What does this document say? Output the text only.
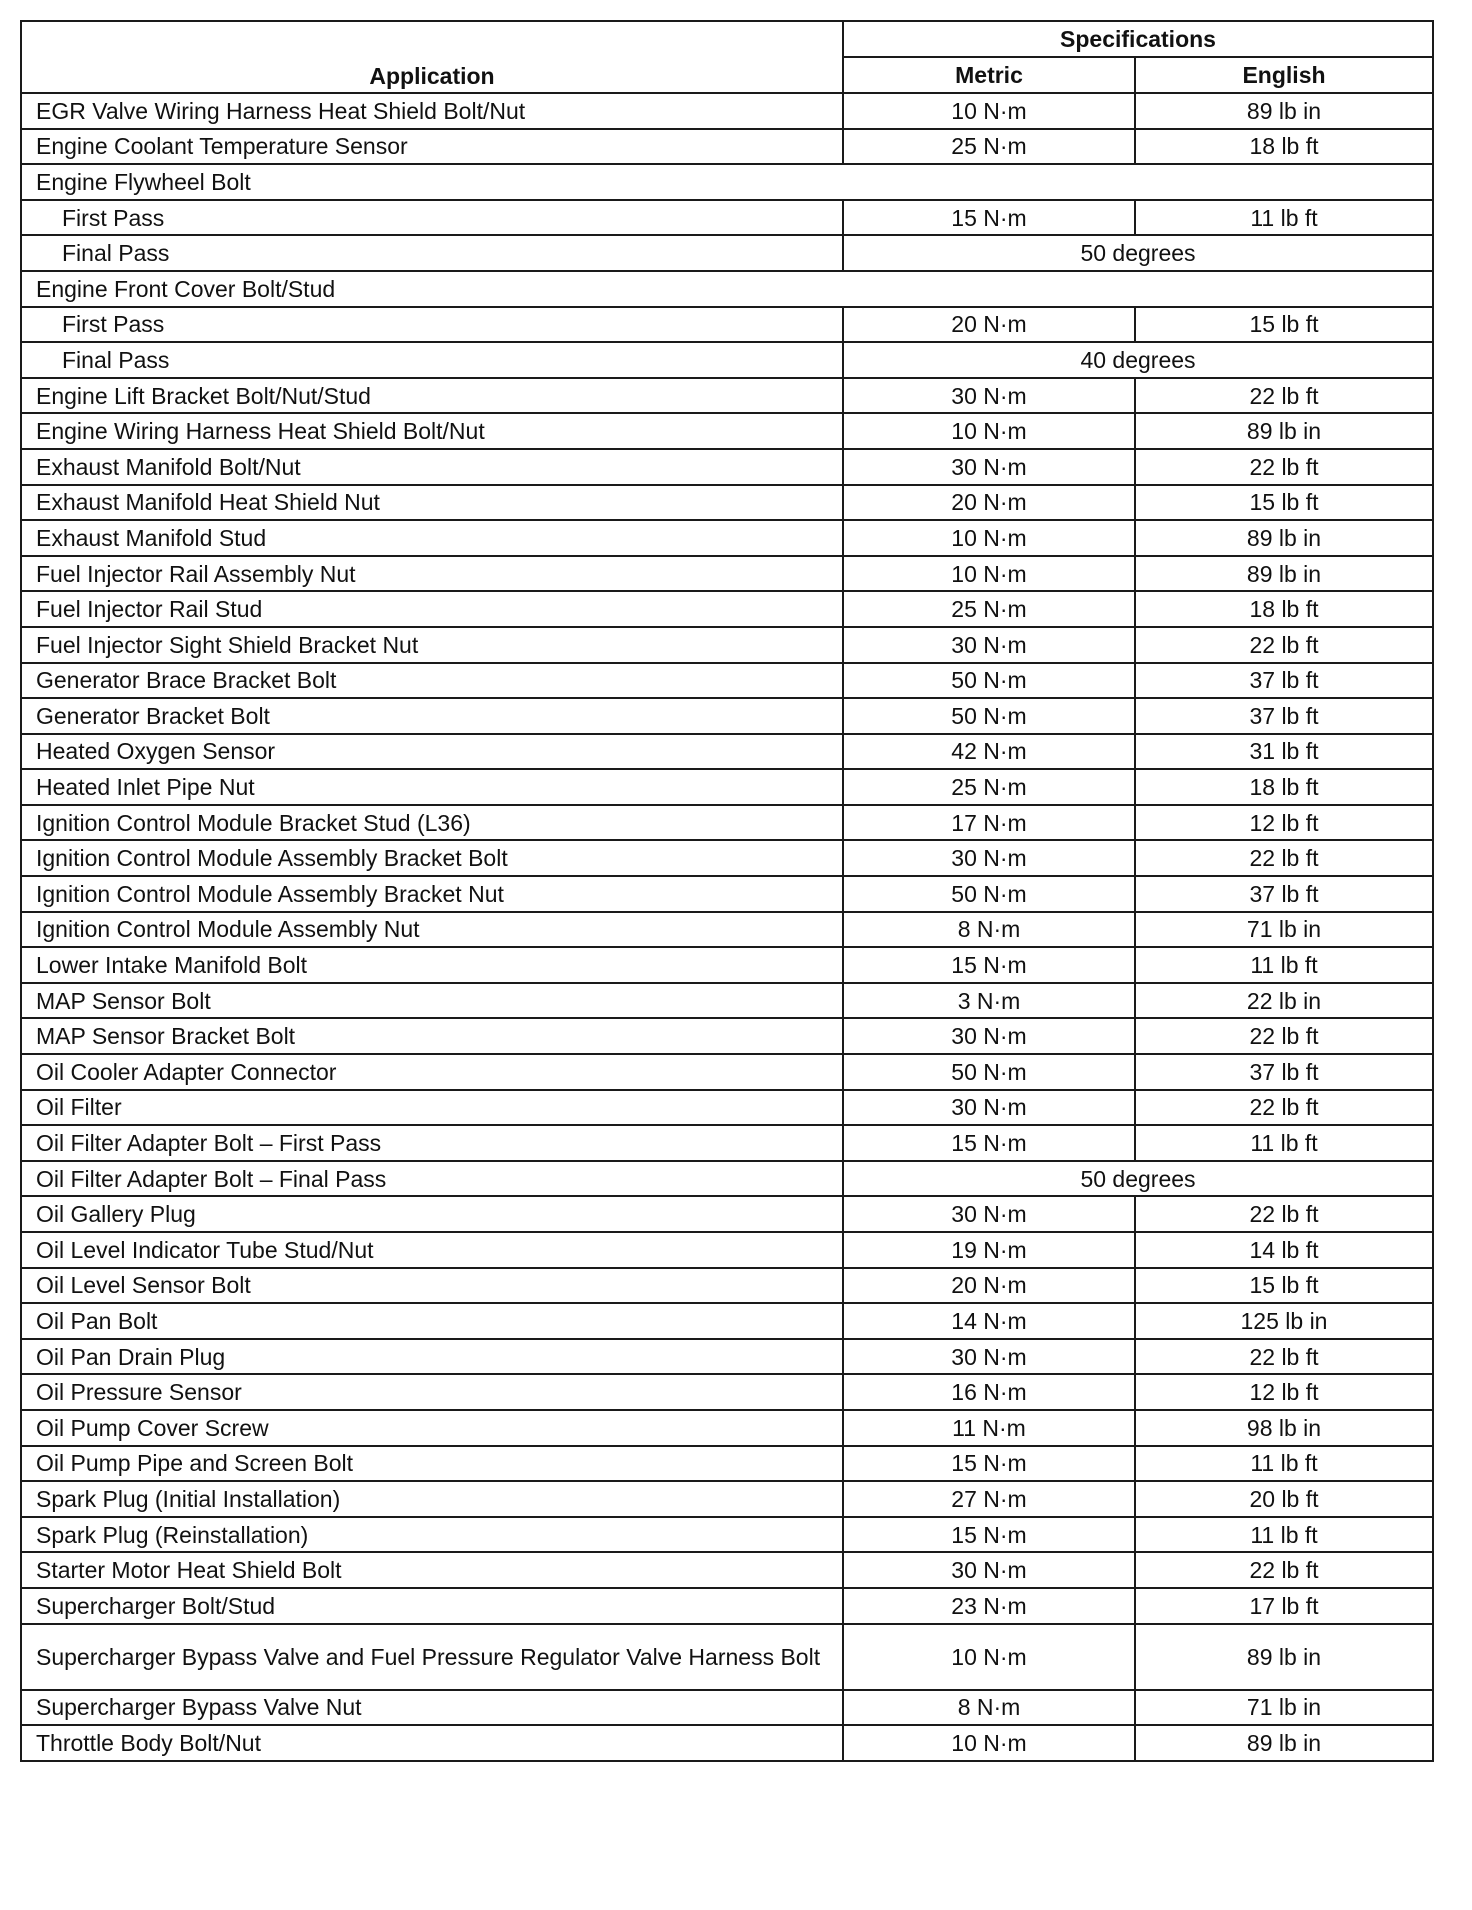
Application	Specifications	
	Metric	English
EGR Valve Wiring Harness Heat Shield Bolt/Nut	10 N·m	89 lb in
Engine Coolant Temperature Sensor	25 N·m	18 lb ft
Engine Flywheel Bolt		
First Pass	15 N·m	11 lb ft
Final Pass	50 degrees	
Engine Front Cover Bolt/Stud		
First Pass	20 N·m	15 lb ft
Final Pass	40 degrees	
Engine Lift Bracket Bolt/Nut/Stud	30 N·m	22 lb ft
Engine Wiring Harness Heat Shield Bolt/Nut	10 N·m	89 lb in
Exhaust Manifold Bolt/Nut	30 N·m	22 lb ft
Exhaust Manifold Heat Shield Nut	20 N·m	15 lb ft
Exhaust Manifold Stud	10 N·m	89 lb in
Fuel Injector Rail Assembly Nut	10 N·m	89 lb in
Fuel Injector Rail Stud	25 N·m	18 lb ft
Fuel Injector Sight Shield Bracket Nut	30 N·m	22 lb ft
Generator Brace Bracket Bolt	50 N·m	37 lb ft
Generator Bracket Bolt	50 N·m	37 lb ft
Heated Oxygen Sensor	42 N·m	31 lb ft
Heated Inlet Pipe Nut	25 N·m	18 lb ft
Ignition Control Module Bracket Stud (L36)	17 N·m	12 lb ft
Ignition Control Module Assembly Bracket Bolt	30 N·m	22 lb ft
Ignition Control Module Assembly Bracket Nut	50 N·m	37 lb ft
Ignition Control Module Assembly Nut	8 N·m	71 lb in
Lower Intake Manifold Bolt	15 N·m	11 lb ft
MAP Sensor Bolt	3 N·m	22 lb in
MAP Sensor Bracket Bolt	30 N·m	22 lb ft
Oil Cooler Adapter Connector	50 N·m	37 lb ft
Oil Filter	30 N·m	22 lb ft
Oil Filter Adapter Bolt – First Pass	15 N·m	11 lb ft
Oil Filter Adapter Bolt – Final Pass	50 degrees	
Oil Gallery Plug	30 N·m	22 lb ft
Oil Level Indicator Tube Stud/Nut	19 N·m	14 lb ft
Oil Level Sensor Bolt	20 N·m	15 lb ft
Oil Pan Bolt	14 N·m	125 lb in
Oil Pan Drain Plug	30 N·m	22 lb ft
Oil Pressure Sensor	16 N·m	12 lb ft
Oil Pump Cover Screw	11 N·m	98 lb in
Oil Pump Pipe and Screen Bolt	15 N·m	11 lb ft
Spark Plug (Initial Installation)	27 N·m	20 lb ft
Spark Plug (Reinstallation)	15 N·m	11 lb ft
Starter Motor Heat Shield Bolt	30 N·m	22 lb ft
Supercharger Bolt/Stud	23 N·m	17 lb ft
Supercharger Bypass Valve and Fuel Pressure Regulator Valve Harness Bolt	10 N·m	89 lb in
Supercharger Bypass Valve Nut	8 N·m	71 lb in
Throttle Body Bolt/Nut	10 N·m	89 lb in
